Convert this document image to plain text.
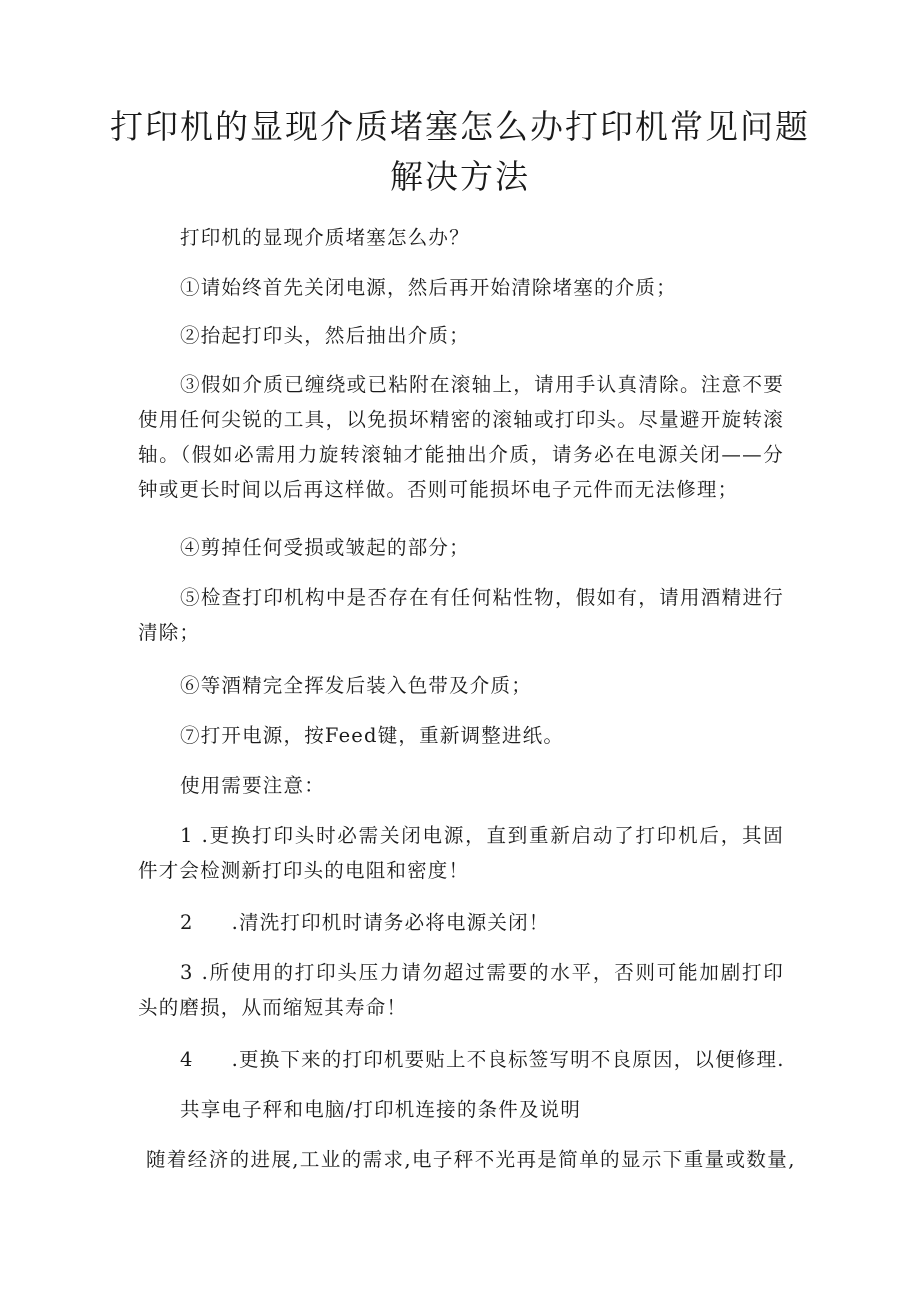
打印机的显现介质堵塞怎么办打印机常见问题解决方法

打印机的显现介质堵塞怎么办？

①请始终首先关闭电源，然后再开始清除堵塞的介质；

②抬起打印头，然后抽出介质；

③假如介质已缠绕或已粘附在滚轴上，请用手认真清除。注意不要使用任何尖锐的工具，以免损坏精密的滚轴或打印头。尽量避开旋转滚轴。（假如必需用力旋转滚轴才能抽出介质，请务必在电源关闭——分钟或更长时间以后再这样做。否则可能损坏电子元件而无法修理；

④剪掉任何受损或皱起的部分；

⑤检查打印机构中是否存在有任何粘性物，假如有，请用酒精进行清除；

⑥等酒精完全挥发后装入色带及介质；

⑦打开电源，按Feed键，重新调整进纸。

使用需要注意：

1 .更换打印头时必需关闭电源，直到重新启动了打印机后，其固件才会检测新打印头的电阻和密度！

2 .清洗打印机时请务必将电源关闭！

3 .所使用的打印头压力请勿超过需要的水平，否则可能加剧打印头的磨损，从而缩短其寿命！

4 .更换下来的打印机要贴上不良标签写明不良原因，以便修理.

共享电子秤和电脑/打印机连接的条件及说明

随着经济的进展,工业的需求,电子秤不光再是简单的显示下重量或数量,
